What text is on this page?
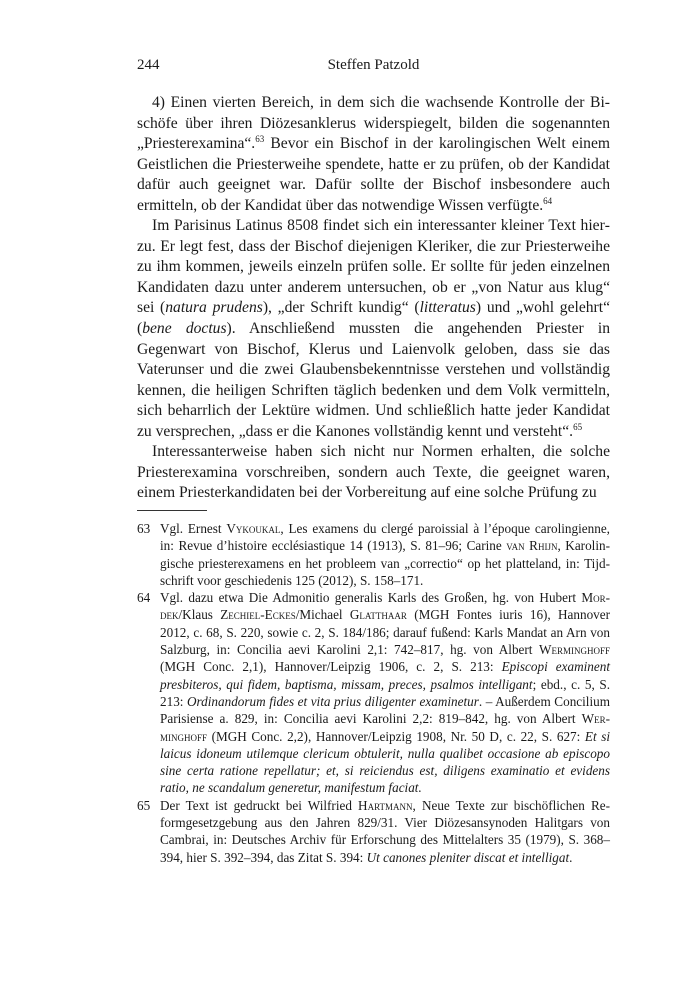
244	Steffen Patzold

4) Einen vierten Bereich, in dem sich die wachsende Kontrolle der Bischöfe über ihren Diözesanklerus widerspiegelt, bilden die sogenannten „Priesterexamina“.$^{63}$ Bevor ein Bischof in der karolingischen Welt einem Geistlichen die Priesterweihe spendete, hatte er zu prüfen, ob der Kandidat dafür auch geeignet war. Dafür sollte der Bischof insbesondere auch ermitteln, ob der Kandidat über das notwendige Wissen verfügte.$^{64}$

Im Parisinus Latinus 8508 findet sich ein interessanter kleiner Text hierzu. Er legt fest, dass der Bischof diejenigen Kleriker, die zur Priesterweihe zu ihm kommen, jeweils einzeln prüfen solle. Er sollte für jeden einzelnen Kandidaten dazu unter anderem untersuchen, ob er „von Natur aus klug“ sei (natura prudens), „der Schrift kundig“ (litteratus) und „wohl gelehrt“ (bene doctus). Anschließend mussten die angehenden Priester in Gegenwart von Bischof, Klerus und Laienvolk geloben, dass sie das Vaterunser und die zwei Glaubensbekenntnisse verstehen und vollständig kennen, die heiligen Schriften täglich bedenken und dem Volk vermitteln, sich beharrlich der Lektüre widmen. Und schließlich hatte jeder Kandidat zu versprechen, „dass er die Kanones vollständig kennt und versteht“.$^{65}$

Interessanterweise haben sich nicht nur Normen erhalten, die solche Priesterexamina vorschreiben, sondern auch Texte, die geeignet waren, einem Priesterkandidaten bei der Vorbereitung auf eine solche Prüfung zu

63 Vgl. Ernest Vykoukal, Les examens du clergé paroissial à l’époque carolingienne, in: Revue d’histoire ecclésiastique 14 (1913), S. 81–96; Carine van Rhijn, Karolingische priesterexamens en het probleem van „correctio“ op het platteland, in: Tijdschrift voor geschiedenis 125 (2012), S. 158–171.
64 Vgl. dazu etwa Die Admonitio generalis Karls des Großen, hg. von Hubert Mordek/Klaus Zechiel-Eckes/Michael Glatthaar (MGH Fontes iuris 16), Hannover 2012, c. 68, S. 220, sowie c. 2, S. 184/186; darauf fußend: Karls Mandat an Arn von Salzburg, in: Concilia aevi Karolini 2,1: 742–817, hg. von Albert Werminghoff (MGH Conc. 2,1), Hannover/Leipzig 1906, c. 2, S. 213: Episcopi examinent presbiteros, qui fidem, baptisma, missam, preces, psalmos intelligant; ebd., c. 5, S. 213: Ordinandorum fides et vita prius diligenter examinetur. – Außerdem Concilium Parisiense a. 829, in: Concilia aevi Karolini 2,2: 819–842, hg. von Albert Werminghoff (MGH Conc. 2,2), Hannover/Leipzig 1908, Nr. 50 D, c. 22, S. 627: Et si laicus idoneum utilemque clericum obtulerit, nulla qualibet occasione ab episcopo sine certa ratione repellatur; et, si reiciendus est, diligens examinatio et evidens ratio, ne scandalum generetur, manifestum faciat.
65 Der Text ist gedruckt bei Wilfried Hartmann, Neue Texte zur bischöflichen Reformgesetzgebung aus den Jahren 829/31. Vier Diözesansynoden Halitgars von Cambrai, in: Deutsches Archiv für Erforschung des Mittelalters 35 (1979), S. 368–394, hier S. 392–394, das Zitat S. 394: Ut canones pleniter discat et intelligat.
